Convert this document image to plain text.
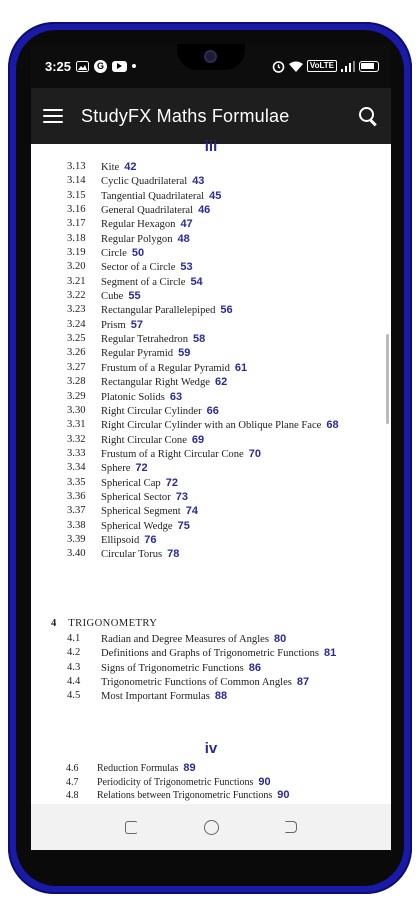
3:25	G	VoLTE
StudyFX Maths Formulae
iii
3.13 Kite 42
3.14 Cyclic Quadrilateral 43
3.15 Tangential Quadrilateral 45
3.16 General Quadrilateral 46
3.17 Regular Hexagon 47
3.18 Regular Polygon 48
3.19 Circle 50
3.20 Sector of a Circle 53
3.21 Segment of a Circle 54
3.22 Cube 55
3.23 Rectangular Parallelepiped 56
3.24 Prism 57
3.25 Regular Tetrahedron 58
3.26 Regular Pyramid 59
3.27 Frustum of a Regular Pyramid 61
3.28 Rectangular Right Wedge 62
3.29 Platonic Solids 63
3.30 Right Circular Cylinder 66
3.31 Right Circular Cylinder with an Oblique Plane Face 68
3.32 Right Circular Cone 69
3.33 Frustum of a Right Circular Cone 70
3.34 Sphere 72
3.35 Spherical Cap 72
3.36 Spherical Sector 73
3.37 Spherical Segment 74
3.38 Spherical Wedge 75
3.39 Ellipsoid 76
3.40 Circular Torus 78
4 TRIGONOMETRY
4.1 Radian and Degree Measures of Angles 80
4.2 Definitions and Graphs of Trigonometric Functions 81
4.3 Signs of Trigonometric Functions 86
4.4 Trigonometric Functions of Common Angles 87
4.5 Most Important Formulas 88
iv
4.6 Reduction Formulas 89
4.7 Periodicity of Trigonometric Functions 90
4.8 Relations between Trigonometric Functions 90
